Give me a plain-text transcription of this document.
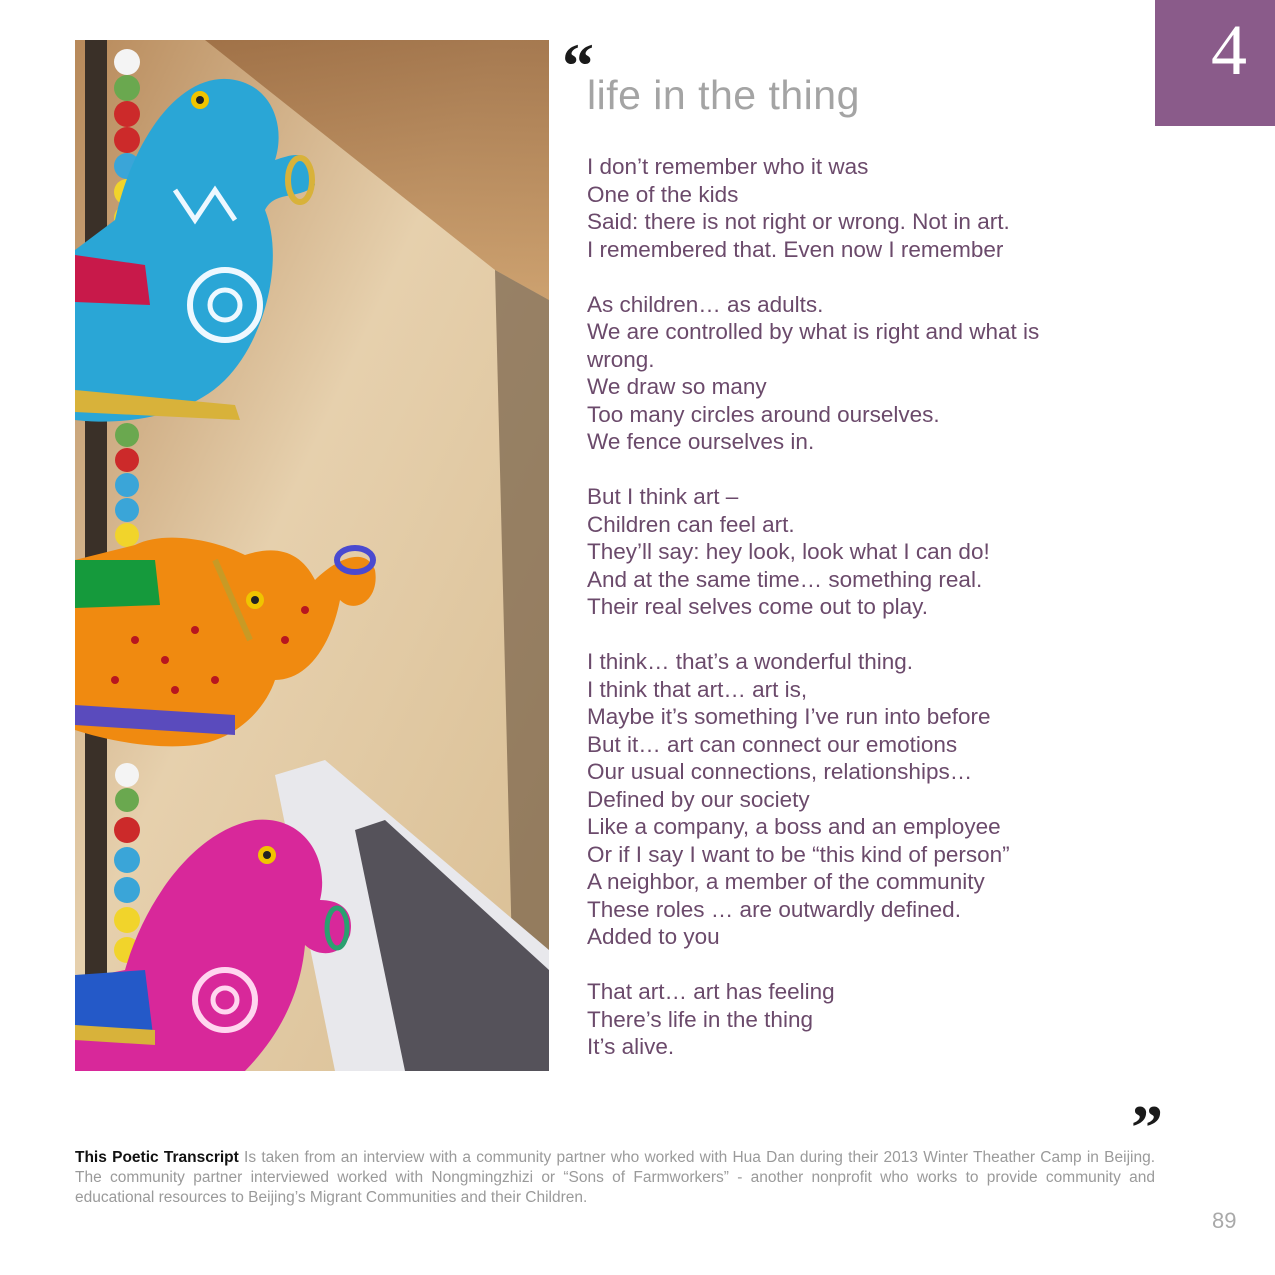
4
“
life in the thing
I don’t remember who it was
One of the kids
Said: there is not right or wrong. Not in art.
I remembered that. Even now I remember
As children… as adults.
We are controlled by what is right and what is
wrong.
We draw so many
Too many circles around ourselves.
We fence ourselves in.
But I think art –
Children can feel art.
They’ll say: hey look, look what I can do!
And at the same time… something real.
Their real selves come out to play.
I think… that’s a wonderful thing.
I think that art… art is,
Maybe it’s something I’ve run into before
But it… art can connect our emotions
Our usual connections, relationships…
Defined by our society
Like a company, a boss and an employee
Or if I say I want to be “this kind of person”
A neighbor, a member of the community
These roles … are outwardly defined.
Added to you
That art… art has feeling
There’s life in the thing
It’s alive.
”

This Poetic Transcript Is taken from an interview with a community partner who worked with Hua Dan during their 2013 Winter Theather Camp in Beijing. The community partner interviewed worked with Nongmingzhizi or “Sons of Farmworkers” - another nonprofit who works to provide community and educational resources to Beijing’s Migrant Communities and their Children.

89
